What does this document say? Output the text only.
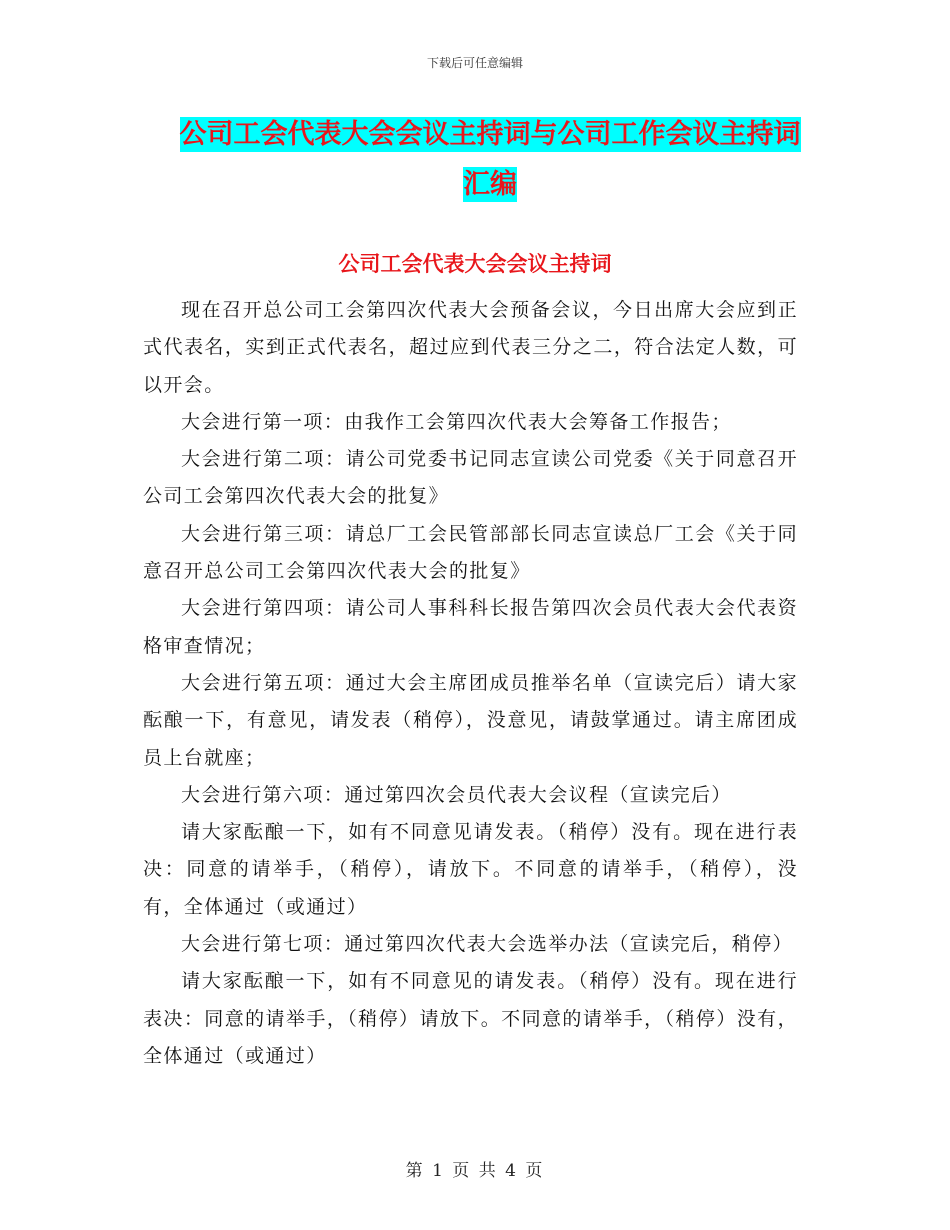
下载后可任意编辑
公司工会代表大会会议主持词与公司工作会议主持词
汇编
公司工会代表大会会议主持词

现在召开总公司工会第四次代表大会预备会议，今日出席大会应到正式代表名，实到正式代表名，超过应到代表三分之二，符合法定人数，可以开会。

大会进行第一项：由我作工会第四次代表大会筹备工作报告；

大会进行第二项：请公司党委书记同志宣读公司党委《关于同意召开公司工会第四次代表大会的批复》

大会进行第三项：请总厂工会民管部部长同志宣读总厂工会《关于同意召开总公司工会第四次代表大会的批复》

大会进行第四项：请公司人事科科长报告第四次会员代表大会代表资格审查情况；

大会进行第五项：通过大会主席团成员推举名单（宣读完后）请大家酝酿一下，有意见，请发表（稍停），没意见，请鼓掌通过。请主席团成员上台就座；

大会进行第六项：通过第四次会员代表大会议程（宣读完后）

请大家酝酿一下，如有不同意见请发表。（稍停）没有。现在进行表决：同意的请举手，（稍停），请放下。不同意的请举手，（稍停），没有，全体通过（或通过）

大会进行第七项：通过第四次代表大会选举办法（宣读完后，稍停）

请大家酝酿一下，如有不同意见的请发表。（稍停）没有。现在进行表决：同意的请举手，（稍停）请放下。不同意的请举手，（稍停）没有，全体通过（或通过）

第 1 页 共 4 页
